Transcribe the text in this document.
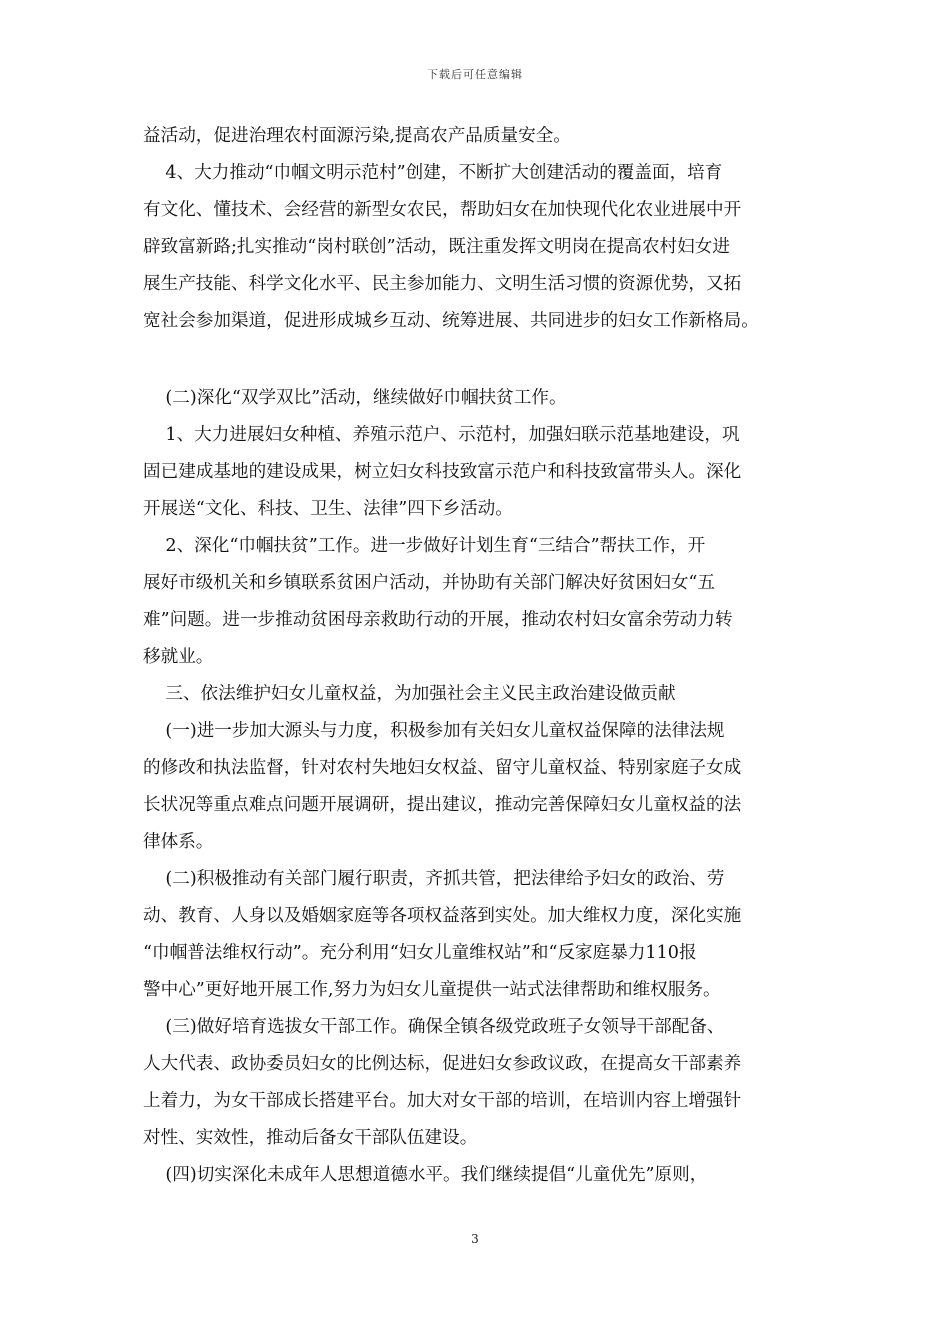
下载后可任意编辑
益活动，促进治理农村面源污染,提高农产品质量安全。
4、大力推动“巾帼文明示范村”创建，不断扩大创建活动的覆盖面，培育
有文化、懂技术、会经营的新型女农民，帮助妇女在加快现代化农业进展中开
辟致富新路;扎实推动“岗村联创”活动，既注重发挥文明岗在提高农村妇女进
展生产技能、科学文化水平、民主参加能力、文明生活习惯的资源优势，又拓
宽社会参加渠道，促进形成城乡互动、统筹进展、共同进步的妇女工作新格局。
(二)深化“双学双比”活动，继续做好巾帼扶贫工作。
1、大力进展妇女种植、养殖示范户、示范村，加强妇联示范基地建设，巩
固已建成基地的建设成果，树立妇女科技致富示范户和科技致富带头人。深化
开展送“文化、科技、卫生、法律”四下乡活动。
2、深化“巾帼扶贫”工作。进一步做好计划生育“三结合”帮扶工作，开
展好市级机关和乡镇联系贫困户活动，并协助有关部门解决好贫困妇女“五
难”问题。进一步推动贫困母亲救助行动的开展，推动农村妇女富余劳动力转
移就业。
三、依法维护妇女儿童权益，为加强社会主义民主政治建设做贡献
(一)进一步加大源头与力度，积极参加有关妇女儿童权益保障的法律法规
的修改和执法监督，针对农村失地妇女权益、留守儿童权益、特别家庭子女成
长状况等重点难点问题开展调研，提出建议，推动完善保障妇女儿童权益的法
律体系。
(二)积极推动有关部门履行职责，齐抓共管，把法律给予妇女的政治、劳
动、教育、人身以及婚姻家庭等各项权益落到实处。加大维权力度，深化实施
“巾帼普法维权行动”。充分利用“妇女儿童维权站”和“反家庭暴力110报
警中心”更好地开展工作,努力为妇女儿童提供一站式法律帮助和维权服务。
(三)做好培育选拔女干部工作。确保全镇各级党政班子女领导干部配备、
人大代表、政协委员妇女的比例达标，促进妇女参政议政，在提高女干部素养
上着力，为女干部成长搭建平台。加大对女干部的培训，在培训内容上增强针
对性、实效性，推动后备女干部队伍建设。
(四)切实深化未成年人思想道德水平。我们继续提倡“儿童优先”原则，
3
